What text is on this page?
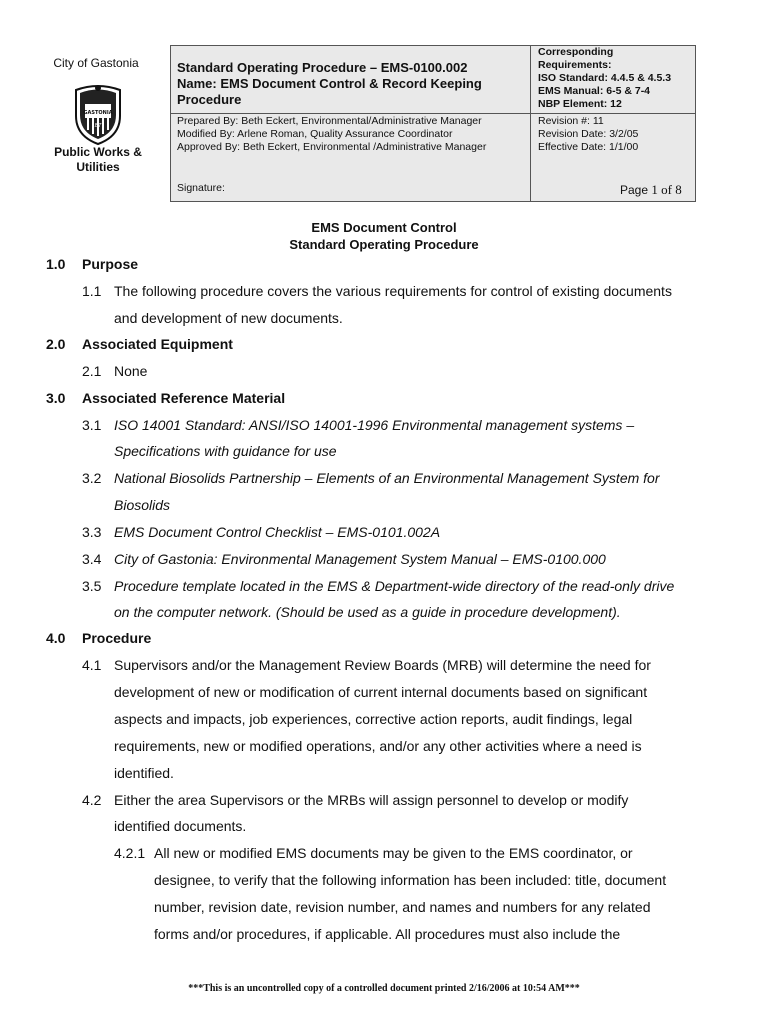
City of Gastonia
GASTONIA
1877
Public Works &
Utilities
Standard Operating Procedure – EMS-0100.002
Name: EMS Document Control & Record Keeping
Procedure
Corresponding
Requirements:
ISO Standard: 4.4.5 & 4.5.3
EMS Manual: 6-5 & 7-4
NBP Element: 12
Prepared By: Beth Eckert, Environmental/Administrative Manager
Modified By: Arlene Roman, Quality Assurance Coordinator
Approved By: Beth Eckert, Environmental /Administrative Manager
Revision #: 11
Revision Date: 3/2/05
Effective Date: 1/1/00
Signature:	Page 1 of 8
EMS Document Control
Standard Operating Procedure
1.0 Purpose
1.1 The following procedure covers the various requirements for control of existing documents
and development of new documents.
2.0 Associated Equipment
2.1 None
3.0 Associated Reference Material
3.1 ISO 14001 Standard: ANSI/ISO 14001-1996 Environmental management systems –
Specifications with guidance for use
3.2 National Biosolids Partnership – Elements of an Environmental Management System for
Biosolids
3.3 EMS Document Control Checklist – EMS-0101.002A
3.4 City of Gastonia: Environmental Management System Manual – EMS-0100.000
3.5 Procedure template located in the EMS & Department-wide directory of the read-only drive
on the computer network. (Should be used as a guide in procedure development).
4.0 Procedure
4.1 Supervisors and/or the Management Review Boards (MRB) will determine the need for
development of new or modification of current internal documents based on significant
aspects and impacts, job experiences, corrective action reports, audit findings, legal
requirements, new or modified operations, and/or any other activities where a need is
identified.
4.2 Either the area Supervisors or the MRBs will assign personnel to develop or modify
identified documents.
4.2.1 All new or modified EMS documents may be given to the EMS coordinator, or
designee, to verify that the following information has been included: title, document
number, revision date, revision number, and names and numbers for any related
forms and/or procedures, if applicable. All procedures must also include the
***This is an uncontrolled copy of a controlled document printed 2/16/2006 at 10:54 AM***
